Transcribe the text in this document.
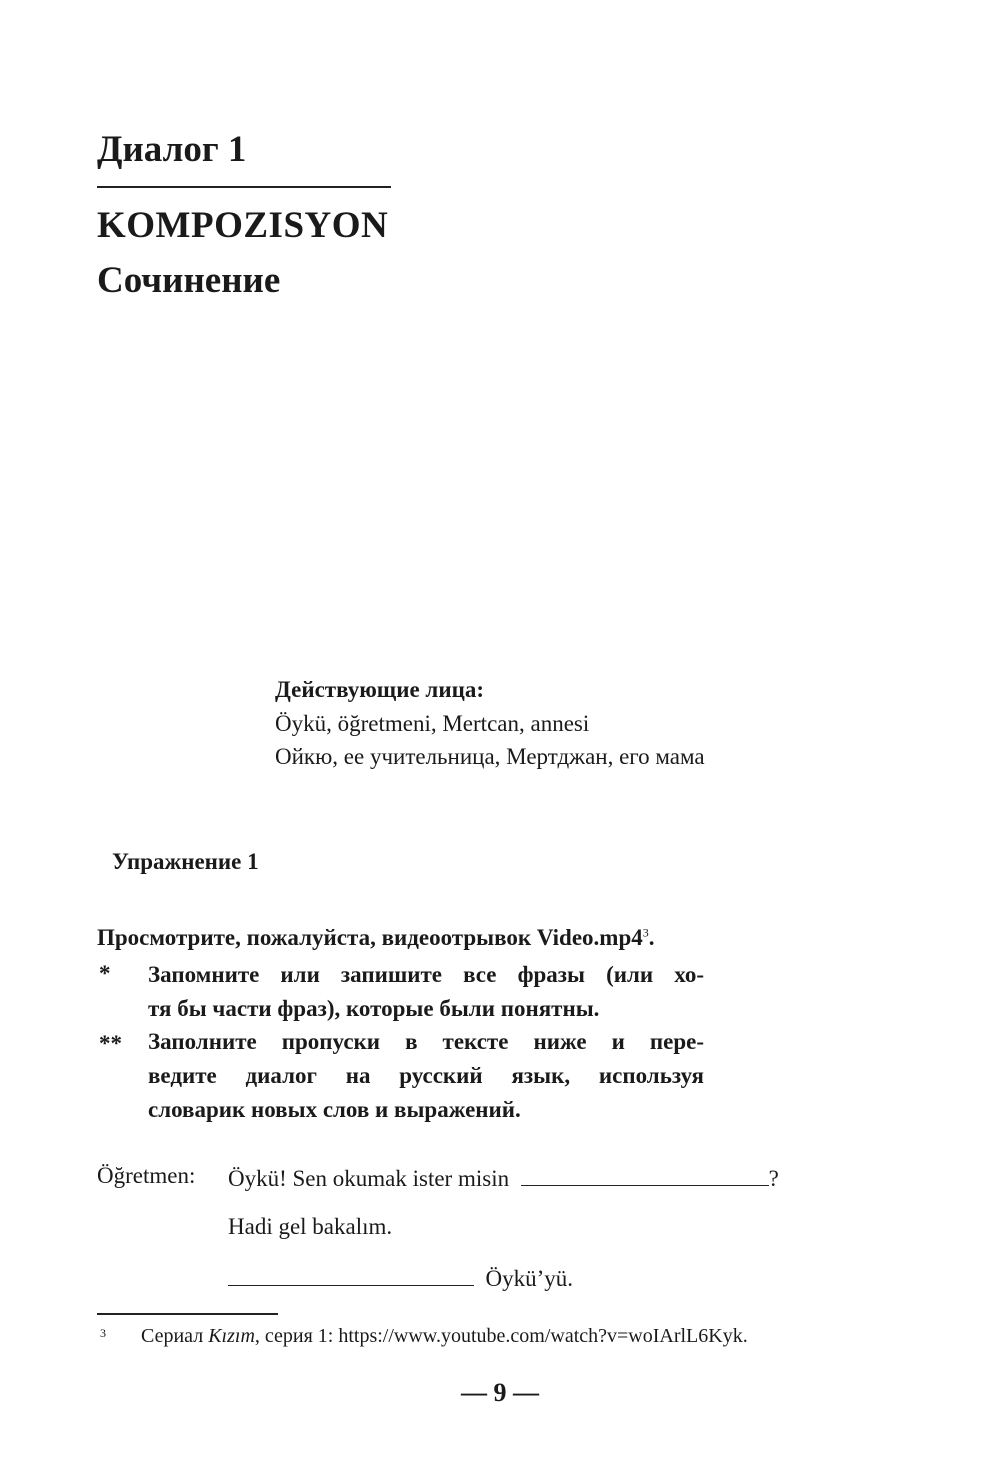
Диалог 1
KOMPOZISYON
Сочинение
Действующие лица:
Öykü, öğretmeni, Mertcan, annesi
Ойкю, ее учительница, Мертджан, его мама
Упражнение 1
Просмотрите, пожалуйста, видеоотрывок $Video.mp4^3$.
* Запомните или запишите все фразы (или хо-
тя бы части фраз), которые были понятны.
** Заполните пропуски в тексте ниже и пере-
ведите диалог на русский язык, используя
словарик новых слов и выражений.
Öğretmen: Öykü! Sen okumak ister misin	?
Hadi gel bakalım.
Öykü’yü.
3 Сериал Kızım, серия 1: https://www.youtube.com/watch?v=woIArlL6Kyk.
— 9 —
